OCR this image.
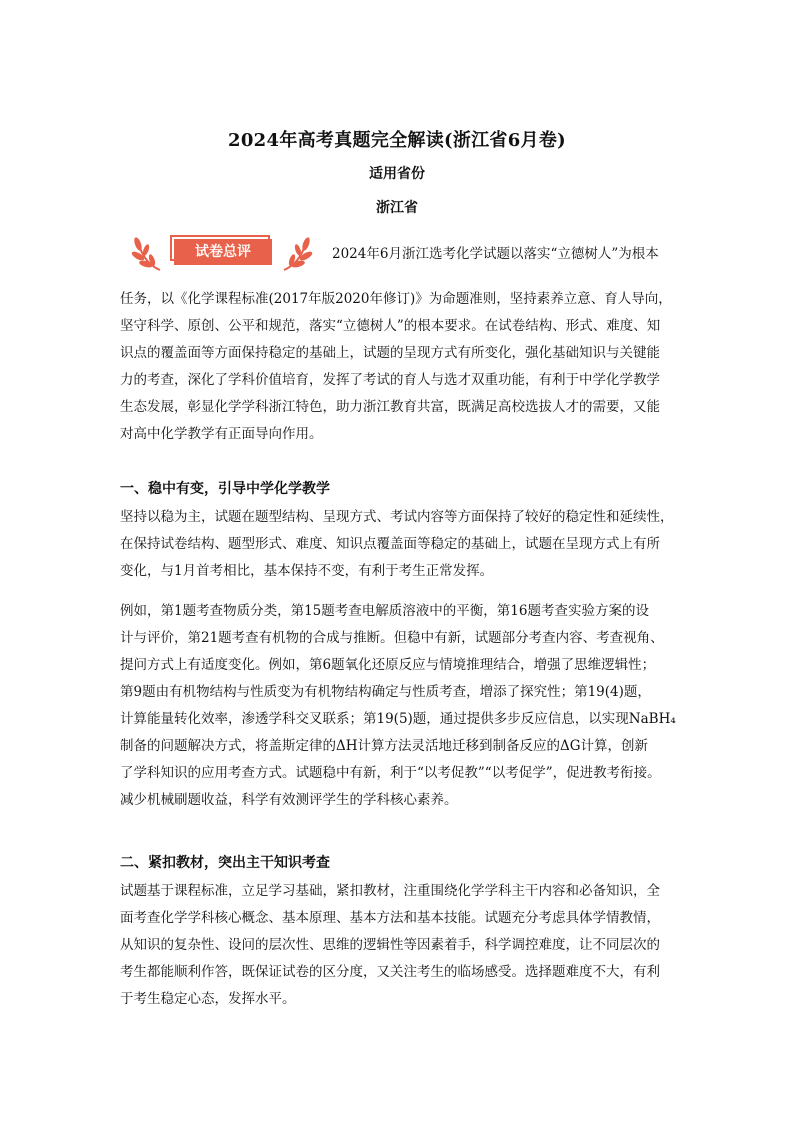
2024年高考真题完全解读(浙江省6月卷)
适用省份
浙江省
试卷总评	2024年6月浙江选考化学试题以落实“立德树人”为根本
任务，以《化学课程标准(2017年版2020年修订)》为命题准则，坚持素养立意、育人导向，
坚守科学、原创、公平和规范，落实“立德树人”的根本要求。在试卷结构、形式、难度、知
识点的覆盖面等方面保持稳定的基础上，试题的呈现方式有所变化，强化基础知识与关键能
力的考查，深化了学科价值培育，发挥了考试的育人与选才双重功能，有利于中学化学教学
生态发展，彰显化学学科浙江特色，助力浙江教育共富，既满足高校选拔人才的需要，又能
对高中化学教学有正面导向作用。
一、稳中有变，引导中学化学教学
坚持以稳为主，试题在题型结构、呈现方式、考试内容等方面保持了较好的稳定性和延续性，
在保持试卷结构、题型形式、难度、知识点覆盖面等稳定的基础上，试题在呈现方式上有所
变化，与1月首考相比，基本保持不变，有利于考生正常发挥。
例如，第1题考查物质分类，第15题考查电解质溶液中的平衡，第16题考查实验方案的设
计与评价，第21题考查有机物的合成与推断。但稳中有新，试题部分考查内容、考查视角、
提问方式上有适度变化。例如，第6题氧化还原反应与情境推理结合，增强了思维逻辑性；
第9题由有机物结构与性质变为有机物结构确定与性质考查，增添了探究性；第19(4)题，
计算能量转化效率，渗透学科交叉联系；第19(5)题，通过提供多步反应信息，以实现NaBH₄
制备的问题解决方式，将盖斯定律的ΔH计算方法灵活地迁移到制备反应的ΔG计算，创新
了学科知识的应用考查方式。试题稳中有新，利于“以考促教”“以考促学”，促进教考衔接。
减少机械刷题收益，科学有效测评学生的学科核心素养。
二、紧扣教材，突出主干知识考查
试题基于课程标准，立足学习基础，紧扣教材，注重围绕化学学科主干内容和必备知识，全
面考查化学学科核心概念、基本原理、基本方法和基本技能。试题充分考虑具体学情教情，
从知识的复杂性、设问的层次性、思维的逻辑性等因素着手，科学调控难度，让不同层次的
考生都能顺利作答，既保证试卷的区分度，又关注考生的临场感受。选择题难度不大，有利
于考生稳定心态，发挥水平。
